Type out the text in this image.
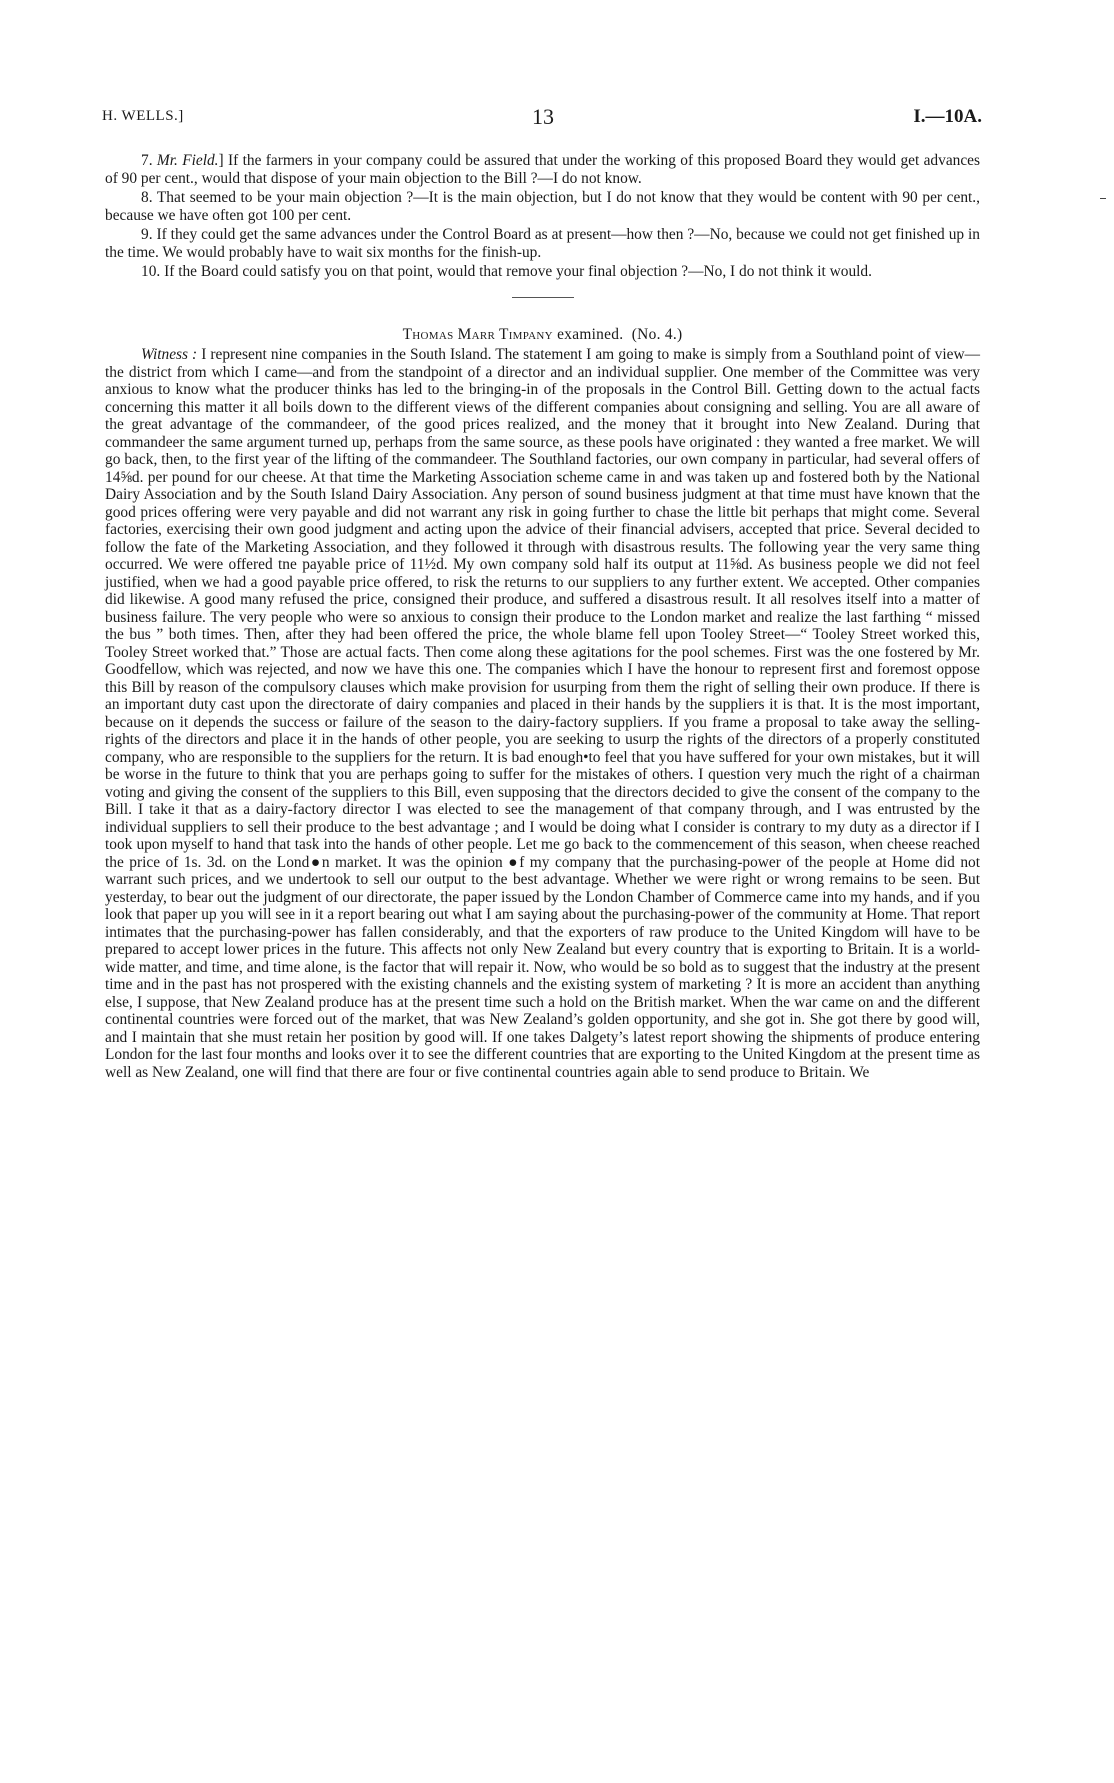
H. WELLS.]	13	I.—10A.

7. Mr. Field.] If the farmers in your company could be assured that under the working of this proposed Board they would get advances of 90 per cent., would that dispose of your main objection to the Bill ?—I do not know.

8. That seemed to be your main objection ?—It is the main objection, but I do not know that they would be content with 90 per cent., because we have often got 100 per cent.

9. If they could get the same advances under the Control Board as at present—how then ?—No, because we could not get finished up in the time. We would probably have to wait six months for the finish-up.

10. If the Board could satisfy you on that point, would that remove your final objection ?—No, I do not think it would.

Thomas Marr Timpany examined. (No. 4.)

Witness : I represent nine companies in the South Island. The statement I am going to make is simply from a Southland point of view—the district from which I came—and from the standpoint of a director and an individual supplier. One member of the Committee was very anxious to know what the producer thinks has led to the bringing-in of the proposals in the Control Bill. Getting down to the actual facts concerning this matter it all boils down to the different views of the different companies about consigning and selling. You are all aware of the great advantage of the commandeer, of the good prices realized, and the money that it brought into New Zealand. During that commandeer the same argument turned up, perhaps from the same source, as these pools have originated : they wanted a free market. We will go back, then, to the first year of the lifting of the commandeer. The Southland factories, our own company in particular, had several offers of 14⅝d. per pound for our cheese. At that time the Marketing Association scheme came in and was taken up and fostered both by the National Dairy Association and by the South Island Dairy Association. Any person of sound business judgment at that time must have known that the good prices offering were very payable and did not warrant any risk in going further to chase the little bit perhaps that might come. Several factories, exercising their own good judgment and acting upon the advice of their financial advisers, accepted that price. Several decided to follow the fate of the Marketing Association, and they followed it through with disastrous results. The following year the very same thing occurred. We were offered tne payable price of 11½d. My own company sold half its output at 11⅝d. As business people we did not feel justified, when we had a good payable price offered, to risk the returns to our suppliers to any further extent. We accepted. Other companies did likewise. A good many refused the price, consigned their produce, and suffered a disastrous result. It all resolves itself into a matter of business failure. The very people who were so anxious to consign their produce to the London market and realize the last farthing “ missed the bus ” both times. Then, after they had been offered the price, the whole blame fell upon Tooley Street—“ Tooley Street worked this, Tooley Street worked that.” Those are actual facts. Then come along these agitations for the pool schemes. First was the one fostered by Mr. Goodfellow, which was rejected, and now we have this one. The companies which I have the honour to represent first and foremost oppose this Bill by reason of the compulsory clauses which make provision for usurping from them the right of selling their own produce. If there is an important duty cast upon the directorate of dairy companies and placed in their hands by the suppliers it is that. It is the most important, because on it depends the success or failure of the season to the dairy-factory suppliers. If you frame a proposal to take away the selling-rights of the directors and place it in the hands of other people, you are seeking to usurp the rights of the directors of a properly constituted company, who are responsible to the suppliers for the return. It is bad enough•to feel that you have suffered for your own mistakes, but it will be worse in the future to think that you are perhaps going to suffer for the mistakes of others. I question very much the right of a chairman voting and giving the consent of the suppliers to this Bill, even supposing that the directors decided to give the consent of the company to the Bill. I take it that as a dairy-factory director I was elected to see the management of that company through, and I was entrusted by the individual suppliers to sell their produce to the best advantage ; and I would be doing what I consider is contrary to my duty as a director if I took upon myself to hand that task into the hands of other people. Let me go back to the commencement of this season, when cheese reached the price of 1s. 3d. on the Lond●n market. It was the opinion ●f my company that the purchasing-power of the people at Home did not warrant such prices, and we undertook to sell our output to the best advantage. Whether we were right or wrong remains to be seen. But yesterday, to bear out the judgment of our directorate, the paper issued by the London Chamber of Commerce came into my hands, and if you look that paper up you will see in it a report bearing out what I am saying about the purchasing-power of the community at Home. That report intimates that the purchasing-power has fallen considerably, and that the exporters of raw produce to the United Kingdom will have to be prepared to accept lower prices in the future. This affects not only New Zealand but every country that is exporting to Britain. It is a world-wide matter, and time, and time alone, is the factor that will repair it. Now, who would be so bold as to suggest that the industry at the present time and in the past has not prospered with the existing channels and the existing system of marketing ? It is more an accident than anything else, I suppose, that New Zealand produce has at the present time such a hold on the British market. When the war came on and the different continental countries were forced out of the market, that was New Zealand’s golden opportunity, and she got in. She got there by good will, and I maintain that she must retain her position by good will. If one takes Dalgety’s latest report showing the shipments of produce entering London for the last four months and looks over it to see the different countries that are exporting to the United Kingdom at the present time as well as New Zealand, one will find that there are four or five continental countries again able to send produce to Britain. We
